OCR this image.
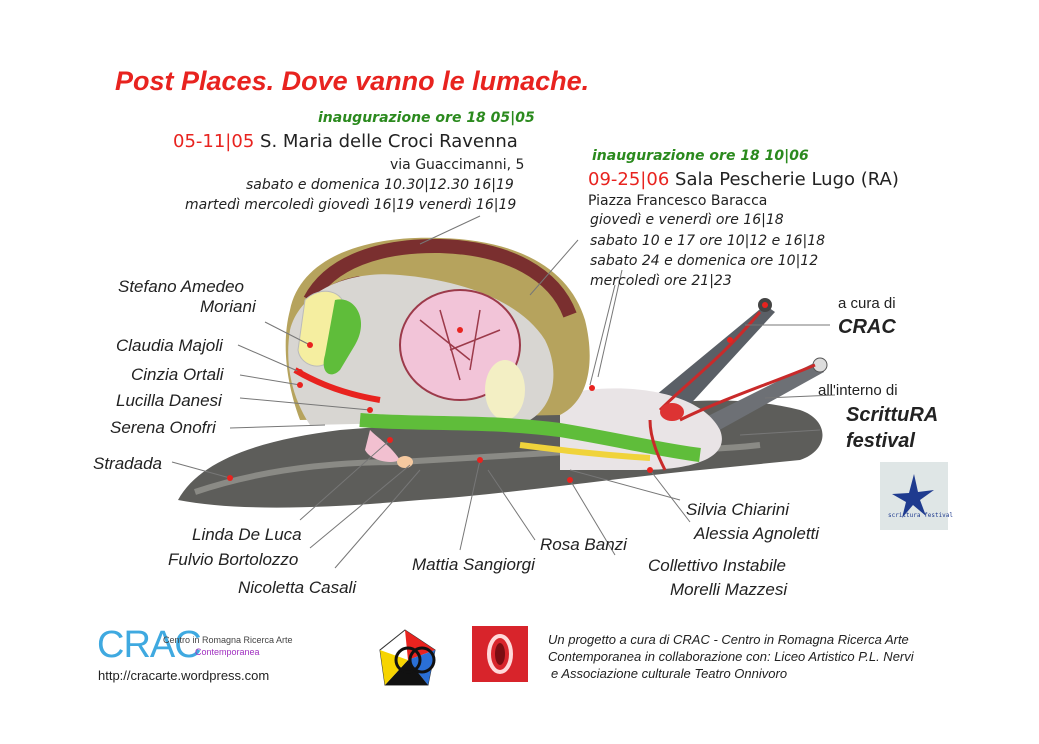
Post Places. Dove vanno le lumache.
inaugurazione ore 18 05|05
05-11|05 S. Maria delle Croci Ravenna
via Guaccimanni, 5
sabato e domenica 10.30|12.30 16|19
martedì mercoledì giovedì 16|19 venerdì 16|19
inaugurazione ore 18 10|06
09-25|06 Sala Pescherie Lugo (RA)
Piazza Francesco Baracca
giovedì e venerdì ore 16|18
sabato 10 e 17 ore 10|12 e 16|18
sabato 24 e domenica ore 10|12
mercoledì ore 21|23
a cura di
CRAC
all'interno di
ScrittuRA
festival
scrittura festival
Stefano Amedeo
Moriani
Claudia Majoli
Cinzia Ortali
Lucilla Danesi
Serena Onofri
Stradada
Linda De Luca
Fulvio Bortolozzo
Nicoletta Casali
Mattia Sangiorgi
Rosa Banzi
Silvia Chiarini
Alessia Agnoletti
Collettivo Instabile
Morelli Mazzesi
CRAC
Centro in Romagna Ricerca Arte
Contemporanea
http://cracarte.wordpress.com
Un progetto a cura di CRAC - Centro in Romagna Ricerca Arte
Contemporanea in collaborazione con: Liceo Artistico P.L. Nervi
e Associazione culturale Teatro Onnivoro
